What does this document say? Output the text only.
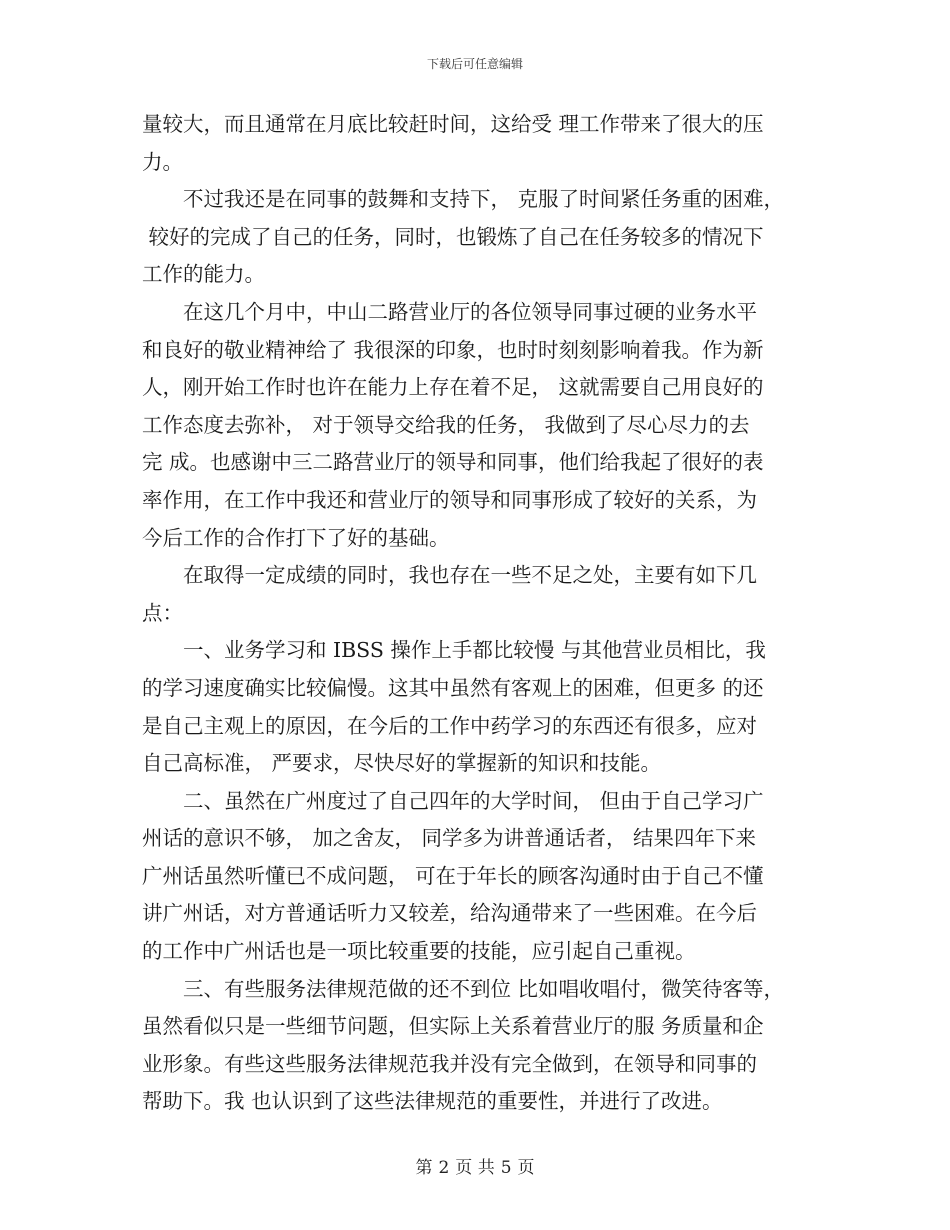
下载后可任意编辑
量较大，而且通常在月底比较赶时间，这给受 理工作带来了很大的压
力。
不过我还是在同事的鼓舞和支持下， 克服了时间紧任务重的困难，
较好的完成了自己的任务，同时，也锻炼了自己在任务较多的情况下
工作的能力。
在这几个月中，中山二路营业厅的各位领导同事过硬的业务水平
和良好的敬业精神给了 我很深的印象，也时时刻刻影响着我。作为新
人，刚开始工作时也许在能力上存在着不足， 这就需要自己用良好的
工作态度去弥补， 对于领导交给我的任务， 我做到了尽心尽力的去
完 成。也感谢中三二路营业厅的领导和同事，他们给我起了很好的表
率作用，在工作中我还和营业厅的领导和同事形成了较好的关系，为
今后工作的合作打下了好的基础。
在取得一定成绩的同时，我也存在一些不足之处，主要有如下几
点：
一、业务学习和 IBSS 操作上手都比较慢 与其他营业员相比，我
的学习速度确实比较偏慢。这其中虽然有客观上的困难，但更多 的还
是自己主观上的原因，在今后的工作中药学习的东西还有很多，应对
自己高标准， 严要求，尽快尽好的掌握新的知识和技能。
二、虽然在广州度过了自己四年的大学时间， 但由于自己学习广
州话的意识不够， 加之舍友， 同学多为讲普通话者， 结果四年下来
广州话虽然听懂已不成问题， 可在于年长的顾客沟通时由于自己不懂
讲广州话，对方普通话听力又较差，给沟通带来了一些困难。在今后
的工作中广州话也是一项比较重要的技能，应引起自己重视。
三、有些服务法律规范做的还不到位 比如唱收唱付，微笑待客等，
虽然看似只是一些细节问题，但实际上关系着营业厅的服 务质量和企
业形象。有些这些服务法律规范我并没有完全做到，在领导和同事的
帮助下。我 也认识到了这些法律规范的重要性，并进行了改进。
第 2 页 共 5 页
